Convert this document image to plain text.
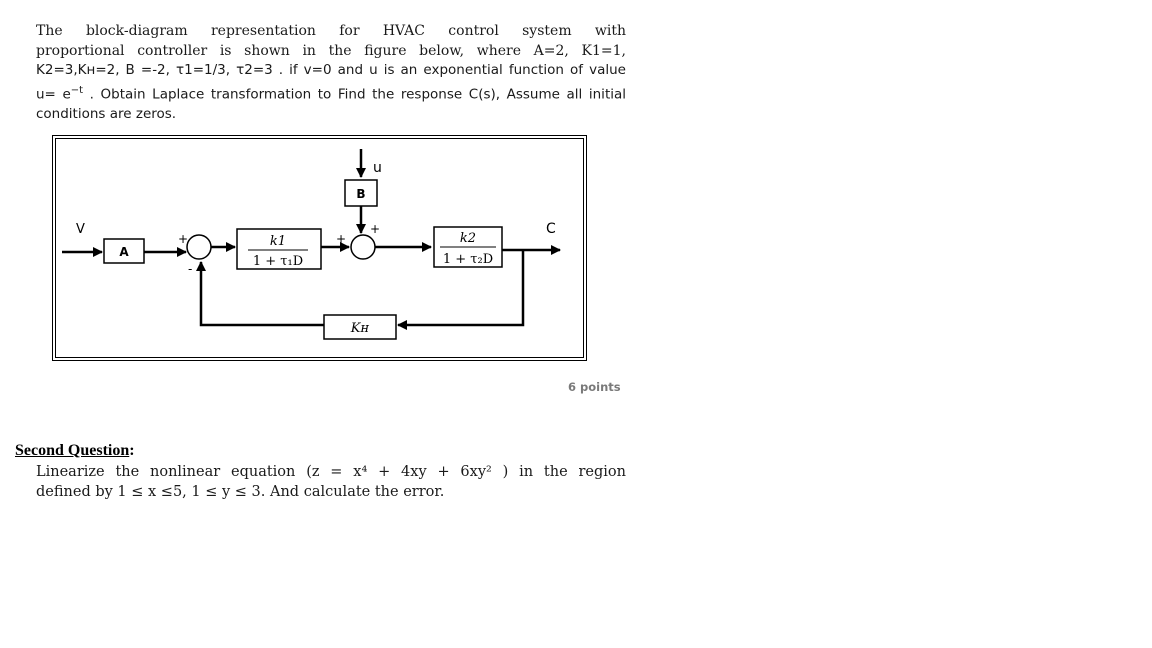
The block-diagram representation for HVAC control system with
proportional controller is shown in the figure below, where A=2, K1=1,
K2=3,Kʜ=2, B =-2, τ1=1/3, τ2=3 . if v=0 and u is an exponential function of value
$u= e^{-t}$ . Obtain Laplace transformation to Find the response C(s), Assume all initial
conditions are zeros.
V
A
+
-
k1
1 + τ₁D
+
+
u
B
k2
1 + τ₂D
C
Kʜ
6 points
Second Question:
Linearize the nonlinear equation (z = x⁴ + 4xy + 6xy² ) in the region
defined by 1 ≤ x ≤5, 1 ≤ y ≤ 3. And calculate the error.
